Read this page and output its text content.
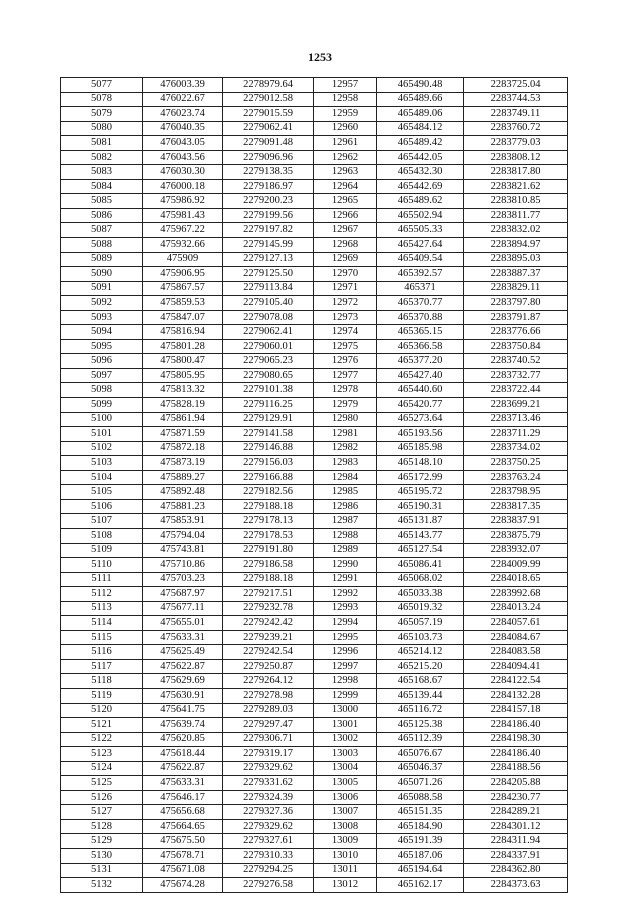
1253
5077	476003.39	2278979.64	12957	465490.48	2283725.04
5078	476022.67	2279012.58	12958	465489.66	2283744.53
5079	476023.74	2279015.59	12959	465489.06	2283749.11
5080	476040.35	2279062.41	12960	465484.12	2283760.72
5081	476043.05	2279091.48	12961	465489.42	2283779.03
5082	476043.56	2279096.96	12962	465442.05	2283808.12
5083	476030.30	2279138.35	12963	465432.30	2283817.80
5084	476000.18	2279186.97	12964	465442.69	2283821.62
5085	475986.92	2279200.23	12965	465489.62	2283810.85
5086	475981.43	2279199.56	12966	465502.94	2283811.77
5087	475967.22	2279197.82	12967	465505.33	2283832.02
5088	475932.66	2279145.99	12968	465427.64	2283894.97
5089	475909	2279127.13	12969	465409.54	2283895.03
5090	475906.95	2279125.50	12970	465392.57	2283887.37
5091	475867.57	2279113.84	12971	465371	2283829.11
5092	475859.53	2279105.40	12972	465370.77	2283797.80
5093	475847.07	2279078.08	12973	465370.88	2283791.87
5094	475816.94	2279062.41	12974	465365.15	2283776.66
5095	475801.28	2279060.01	12975	465366.58	2283750.84
5096	475800.47	2279065.23	12976	465377.20	2283740.52
5097	475805.95	2279080.65	12977	465427.40	2283732.77
5098	475813.32	2279101.38	12978	465440.60	2283722.44
5099	475828.19	2279116.25	12979	465420.77	2283699.21
5100	475861.94	2279129.91	12980	465273.64	2283713.46
5101	475871.59	2279141.58	12981	465193.56	2283711.29
5102	475872.18	2279146.88	12982	465185.98	2283734.02
5103	475873.19	2279156.03	12983	465148.10	2283750.25
5104	475889.27	2279166.88	12984	465172.99	2283763.24
5105	475892.48	2279182.56	12985	465195.72	2283798.95
5106	475881.23	2279188.18	12986	465190.31	2283817.35
5107	475853.91	2279178.13	12987	465131.87	2283837.91
5108	475794.04	2279178.53	12988	465143.77	2283875.79
5109	475743.81	2279191.80	12989	465127.54	2283932.07
5110	475710.86	2279186.58	12990	465086.41	2284009.99
5111	475703.23	2279188.18	12991	465068.02	2284018.65
5112	475687.97	2279217.51	12992	465033.38	2283992.68
5113	475677.11	2279232.78	12993	465019.32	2284013.24
5114	475655.01	2279242.42	12994	465057.19	2284057.61
5115	475633.31	2279239.21	12995	465103.73	2284084.67
5116	475625.49	2279242.54	12996	465214.12	2284083.58
5117	475622.87	2279250.87	12997	465215.20	2284094.41
5118	475629.69	2279264.12	12998	465168.67	2284122.54
5119	475630.91	2279278.98	12999	465139.44	2284132.28
5120	475641.75	2279289.03	13000	465116.72	2284157.18
5121	475639.74	2279297.47	13001	465125.38	2284186.40
5122	475620.85	2279306.71	13002	465112.39	2284198.30
5123	475618.44	2279319.17	13003	465076.67	2284186.40
5124	475622.87	2279329.62	13004	465046.37	2284188.56
5125	475633.31	2279331.62	13005	465071.26	2284205.88
5126	475646.17	2279324.39	13006	465088.58	2284230.77
5127	475656.68	2279327.36	13007	465151.35	2284289.21
5128	475664.65	2279329.62	13008	465184.90	2284301.12
5129	475675.50	2279327.61	13009	465191.39	2284311.94
5130	475678.71	2279310.33	13010	465187.06	2284337.91
5131	475671.08	2279294.25	13011	465194.64	2284362.80
5132	475674.28	2279276.58	13012	465162.17	2284373.63
